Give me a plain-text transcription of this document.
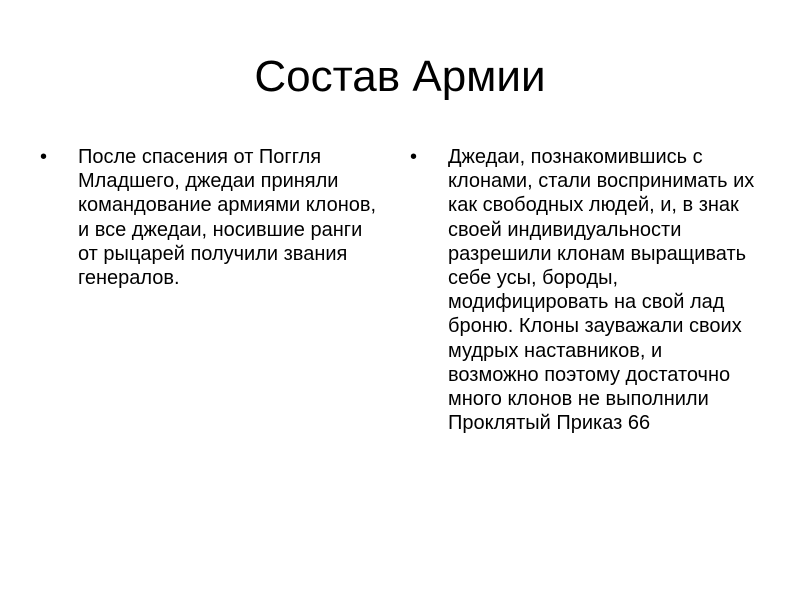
Состав Армии
•	После спасения от Поггля Младшего, джедаи приняли командование армиями клонов, и все джедаи, носившие ранги от рыцарей получили звания генералов.
•	Джедаи, познакомившись с клонами, стали воспринимать их как свободных людей, и, в знак своей индивидуальности разрешили клонам выращивать себе усы, бороды, модифицировать на свой лад броню. Клоны зауважали своих мудрых наставников, и возможно поэтому достаточно много клонов не выполнили Проклятый Приказ 66
